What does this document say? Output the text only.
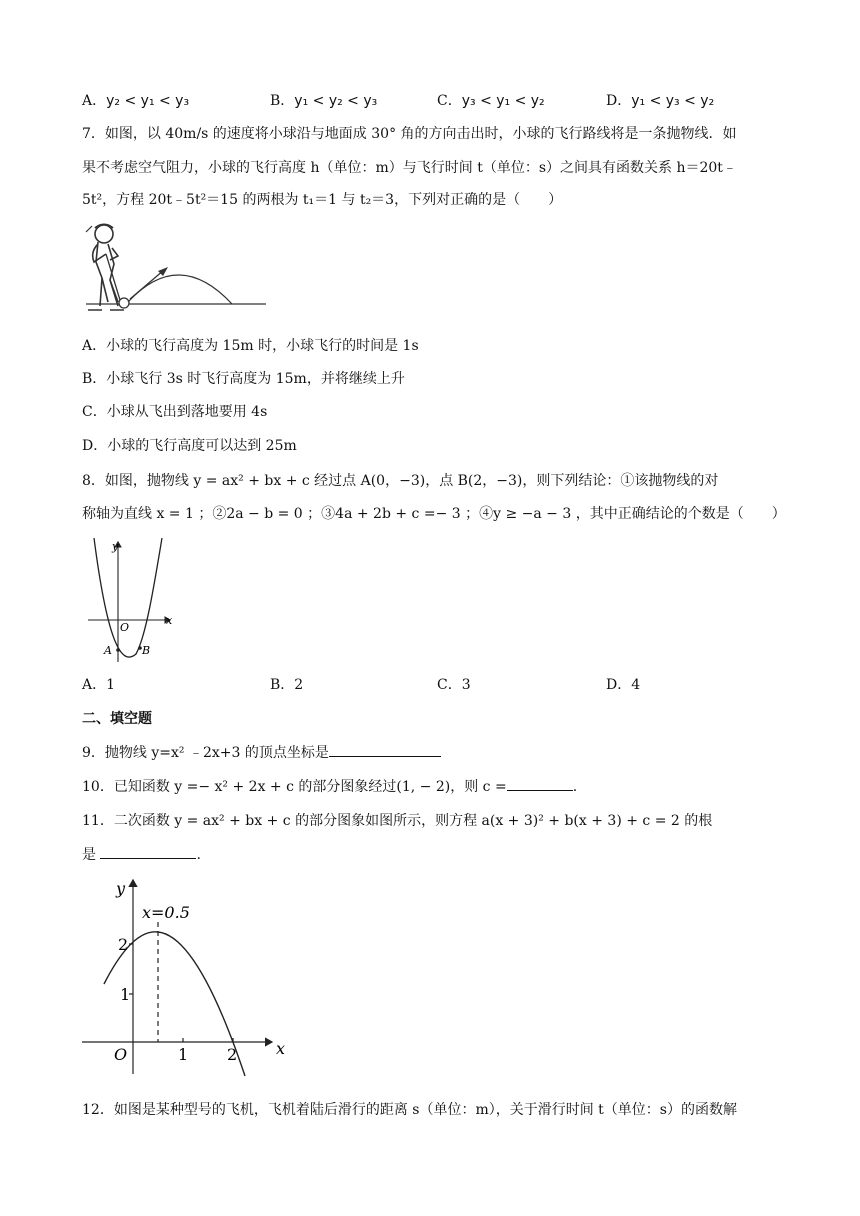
A．y₂ < y₁ < y₃	B．y₁ < y₂ < y₃	C．y₃ < y₁ < y₂	D．y₁ < y₃ < y₂
7．如图，以 40m/s 的速度将小球沿与地面成 30° 角的方向击出时，小球的飞行路线将是一条抛物线．如
果不考虑空气阻力，小球的飞行高度 h（单位：m）与飞行时间 t（单位：s）之间具有函数关系 h＝20t﹣
5t²，方程 20t﹣5t²＝15 的两根为 t₁＝1 与 t₂＝3，下列对正确的是（　　）
A．小球的飞行高度为 15m 时，小球飞行的时间是 1s
B．小球飞行 3s 时飞行高度为 15m，并将继续上升
C．小球从飞出到落地要用 4s
D．小球的飞行高度可以达到 25m
8．如图，抛物线 y = ax² + bx + c 经过点 A(0，−3)，点 B(2，−3)，则下列结论：①该抛物线的对
称轴为直线 x = 1 ；②2a − b = 0 ；③4a + 2b + c =− 3 ；④y ≥ −a − 3 ，其中正确结论的个数是（　　）
y
x
O
A	B
A．1	B．2	C．3	D．4
二、填空题
9．抛物线 y=x² ﹣2x+3 的顶点坐标是
10．已知函数 y =− x² + 2x + c 的部分图象经过(1, − 2)，则 c =	.
11．二次函数 y = ax² + bx + c 的部分图象如图所示，则方程 a(x + 3)² + b(x + 3) + c = 2 的根
是	.
y
x
O
x=0.5
2
1
1 2
12．如图是某种型号的飞机，飞机着陆后滑行的距离 s（单位：m），关于滑行时间 t（单位：s）的函数解
